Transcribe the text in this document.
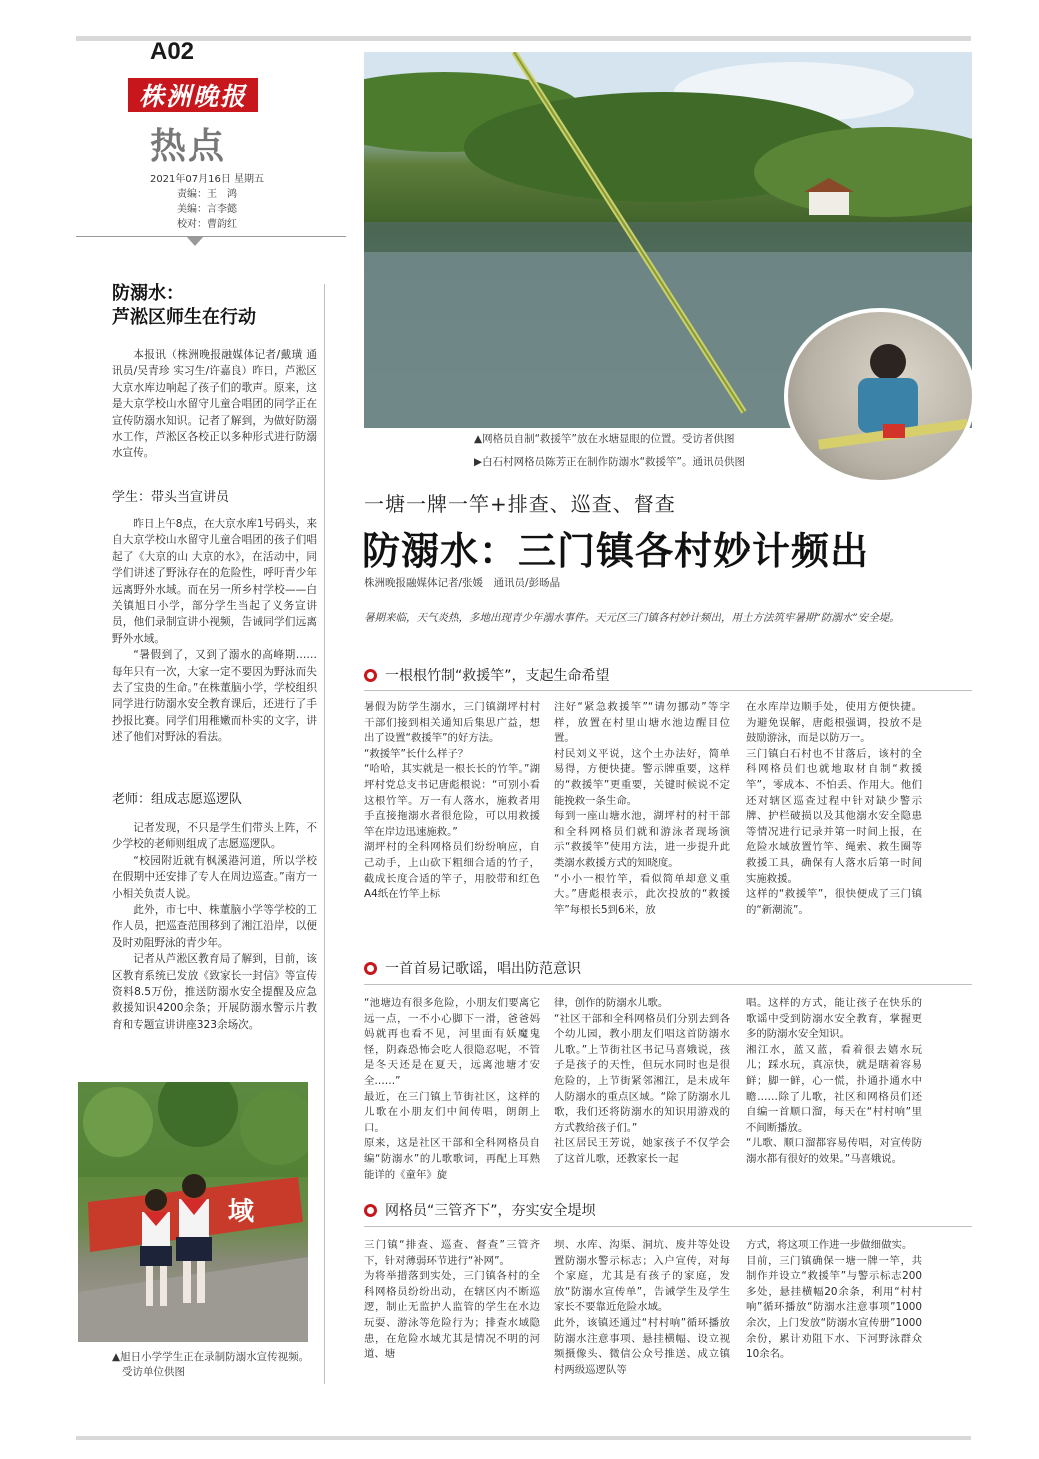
A02
株洲晚报
热点
2021年07月16日 星期五
责编：王　鸿
美编：言李懿
校对：曹韵红
防溺水：
芦淞区师生在行动

本报讯（株洲晚报融媒体记者/戴璜 通讯员/吴青珍 实习生/许嘉良）昨日，芦淞区大京水库边响起了孩子们的歌声。原来，这是大京学校山水留守儿童合唱团的同学正在宣传防溺水知识。记者了解到，为做好防溺水工作，芦淞区各校正以多种形式进行防溺水宣传。

学生：带头当宣讲员

昨日上午8点，在大京水库1号码头，来自大京学校山水留守儿童合唱团的孩子们唱起了《大京的山 大京的水》，在活动中，同学们讲述了野泳存在的危险性，呼吁青少年远离野外水域。而在另一所乡村学校——白关镇旭日小学，部分学生当起了义务宣讲员，他们录制宣讲小视频，告诫同学们远离野外水域。

“暑假到了，又到了溺水的高峰期……每年只有一次，大家一定不要因为野泳而失去了宝贵的生命。”在株董脑小学，学校组织同学进行防溺水安全教育课后，还进行了手抄报比赛。同学们用稚嫩而朴实的文字，讲述了他们对野泳的看法。

老师：组成志愿巡逻队

记者发现，不只是学生们带头上阵，不少学校的老师则组成了志愿巡逻队。

“校园附近就有枫溪港河道，所以学校在假期中还安排了专人在周边巡查。”南方一小相关负责人说。

此外，市七中、株董脑小学等学校的工作人员，把巡查范围移到了湘江沿岸，以便及时劝阻野泳的青少年。

记者从芦淞区教育局了解到，目前，该区教育系统已发放《致家长一封信》等宣传资料8.5万份，推送防溺水安全提醒及应急救援知识4200余条；开展防溺水警示片教育和专题宣讲讲座323余场次。

域
▲旭日小学学生正在录制防溺水宣传视频。 受访单位供图
▲网格员自制“救援竿”放在水塘显眼的位置。受访者供图
▶白石村网格员陈芳正在制作防溺水“救援竿”。通讯员供图
一塘一牌一竿+排查、巡查、督查
防溺水：三门镇各村妙计频出
株洲晚报融媒体记者/张媛　通讯员/彭旸晶
暑期来临，天气炎热，多地出现青少年溺水事件。天元区三门镇各村妙计频出，用土方法筑牢暑期“防溺水”安全堤。
一根根竹制“救援竿”，支起生命希望
暑假为防学生溺水，三门镇湖坪村村干部们接到相关通知后集思广益，想出了设置“救援竿”的好方法。
“救援竿”长什么样子？
“哈哈，其实就是一根长长的竹竿。”湖坪村党总支书记唐彪根说：“可别小看这根竹竿。万一有人落水，施救者用手直接拖溺水者很危险，可以用救援竿在岸边迅速施救。”
湖坪村的全科网格员们纷纷响应，自己动手，上山砍下粗细合适的竹子，截成长度合适的竿子，用胶带和红色A4纸在竹竿上标
注好“紧急救援竿”“请勿挪动”等字样，放置在村里山塘水池边醒目位置。
村民刘义平说，这个土办法好，简单易得，方便快捷。警示牌重要，这样的“救援竿”更重要，关键时候说不定能挽救一条生命。
每到一座山塘水池，湖坪村的村干部和全科网格员们就和游泳者现场演示“救援竿”使用方法，进一步提升此类溺水救援方式的知晓度。
“小小一根竹竿，看似简单却意义重大。”唐彪根表示，此次投放的“救援竿”每根长5到6米，放
在水库岸边顺手处，使用方便快捷。为避免误解，唐彪根强调，投放不是鼓励游泳，而是以防万一。
三门镇白石村也不甘落后，该村的全科网格员们也就地取材自制“救援竿”，零成本、不怕丢、作用大。他们还对辖区巡查过程中针对缺少警示牌、护栏破损以及其他溺水安全隐患等情况进行记录并第一时间上报，在危险水域放置竹竿、绳索、救生圈等救援工具，确保有人落水后第一时间实施救援。
这样的“救援竿”，很快便成了三门镇的“新潮流”。
一首首易记歌谣，唱出防范意识
“池塘边有很多危险，小朋友们要离它远一点，一不小心脚下一滑，爸爸妈妈就再也看不见，河里面有妖魔鬼怪，阴森恐怖会吃人很隐忍呢，不管是冬天还是在夏天，远离池塘才安全……”
最近，在三门镇上节街社区，这样的儿歌在小朋友们中间传唱，朗朗上口。
原来，这是社区干部和全科网格员自编“防溺水”的儿歌歌词，再配上耳熟能详的《童年》旋
律，创作的防溺水儿歌。
“社区干部和全科网格员们分别去到各个幼儿园，教小朋友们唱这首防溺水儿歌。”上节街社区书记马喜娥说，孩子是孩子的天性，但玩水同时也是很危险的，上节街紧邻湘江，是未成年人防溺水的重点区域。“除了防溺水儿歌，我们还将防溺水的知识用游戏的方式教给孩子们。”
社区居民王芳说，她家孩子不仅学会了这首儿歌，还教家长一起
唱。这样的方式，能让孩子在快乐的歌谣中受到防溺水安全教育，掌握更多的防溺水安全知识。
湘江水，蓝又蓝，看着很去嬉水玩儿；踩水玩，真凉快，就是瞎着容易鲜；脚一鲜，心一慌，扑通扑通水中瞻……除了儿歌，社区和网格员们还自编一首顺口溜，每天在“村村响”里不间断播放。
“儿歌、顺口溜都容易传唱，对宣传防溺水都有很好的效果。”马喜娥说。
网格员“三管齐下”，夯实安全堤坝
三门镇“排查、巡查、督查”三管齐下，针对薄弱环节进行“补网”。
为将举措落到实处，三门镇各村的全科网格员纷纷出动，在辖区内不断巡逻，制止无监护人监管的学生在水边玩耍、游泳等危险行为；排查水域隐患，在危险水域尤其是情况不明的河道、塘
坝、水库、沟渠、洞坑、废井等处设置防溺水警示标志；入户宣传，对每个家庭，尤其是有孩子的家庭，发放“防溺水宣传单”，告诫学生及学生家长不要靠近危险水域。
此外，该镇还通过“村村响”循环播放防溺水注意事项、悬挂横幅、设立视频摄像头、微信公众号推送、成立镇村两级巡逻队等
方式，将这项工作进一步做细做实。
目前，三门镇确保一塘一牌一竿，共制作并设立“救援竿”与警示标志200多处，悬挂横幅20余条，利用“村村响”循环播放“防溺水注意事项”1000余次，上门发放“防溺水宣传册”1000余份，累计劝阻下水、下河野泳群众10余名。
